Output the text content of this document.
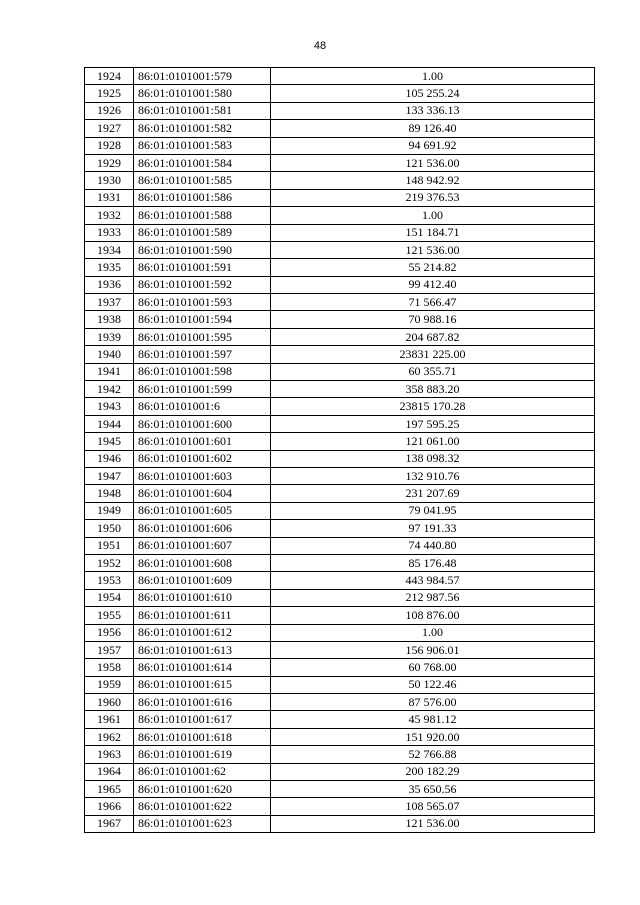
48
1924	86:01:0101001:579	1.00
1925	86:01:0101001:580	105 255.24
1926	86:01:0101001:581	133 336.13
1927	86:01:0101001:582	89 126.40
1928	86:01:0101001:583	94 691.92
1929	86:01:0101001:584	121 536.00
1930	86:01:0101001:585	148 942.92
1931	86:01:0101001:586	219 376.53
1932	86:01:0101001:588	1.00
1933	86:01:0101001:589	151 184.71
1934	86:01:0101001:590	121 536.00
1935	86:01:0101001:591	55 214.82
1936	86:01:0101001:592	99 412.40
1937	86:01:0101001:593	71 566.47
1938	86:01:0101001:594	70 988.16
1939	86:01:0101001:595	204 687.82
1940	86:01:0101001:597	23831 225.00
1941	86:01:0101001:598	60 355.71
1942	86:01:0101001:599	358 883.20
1943	86:01:0101001:6	23815 170.28
1944	86:01:0101001:600	197 595.25
1945	86:01:0101001:601	121 061.00
1946	86:01:0101001:602	138 098.32
1947	86:01:0101001:603	132 910.76
1948	86:01:0101001:604	231 207.69
1949	86:01:0101001:605	79 041.95
1950	86:01:0101001:606	97 191.33
1951	86:01:0101001:607	74 440.80
1952	86:01:0101001:608	85 176.48
1953	86:01:0101001:609	443 984.57
1954	86:01:0101001:610	212 987.56
1955	86:01:0101001:611	108 876.00
1956	86:01:0101001:612	1.00
1957	86:01:0101001:613	156 906.01
1958	86:01:0101001:614	60 768.00
1959	86:01:0101001:615	50 122.46
1960	86:01:0101001:616	87 576.00
1961	86:01:0101001:617	45 981.12
1962	86:01:0101001:618	151 920.00
1963	86:01:0101001:619	52 766.88
1964	86:01:0101001:62	200 182.29
1965	86:01:0101001:620	35 650.56
1966	86:01:0101001:622	108 565.07
1967	86:01:0101001:623	121 536.00
